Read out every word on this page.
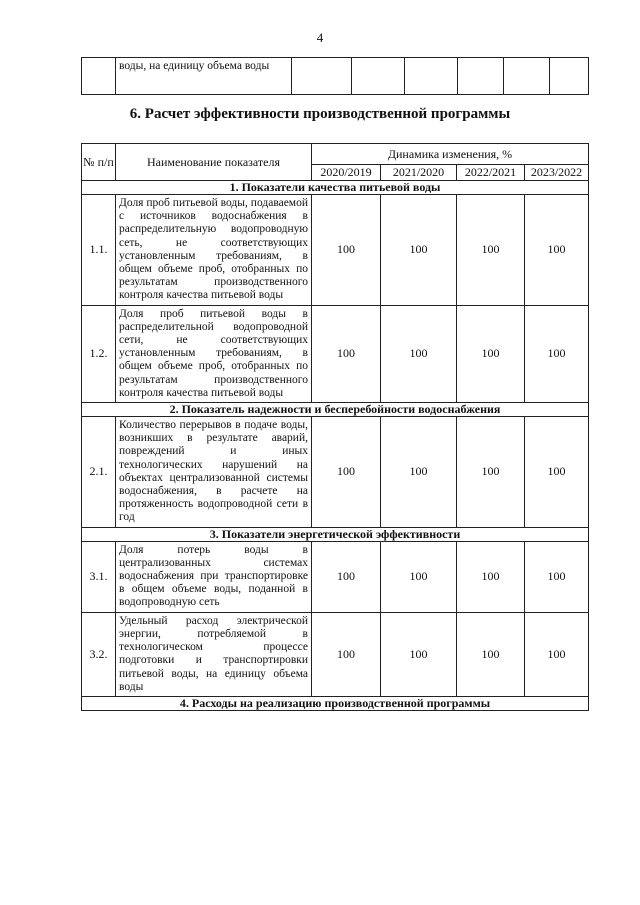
4
	воды, на единицу объема воды						
6. Расчет эффективности производственной программы
№ п/п	Наименование показателя	Динамика изменения, %			
		2020/2019	2021/2020	2022/2021	2023/2022
1. Показатели качества питьевой воды					
1.1.	Доля проб питьевой воды, подаваемой с источников водоснабжения в распределительную водопроводную сеть, не соответствующих установленным требованиям, в общем объеме проб, отобранных по результатам производственного контроля качества питьевой воды	100	100	100	100
1.2.	Доля проб питьевой воды в распределительной водопроводной сети, не соответствующих установленным требованиям, в общем объеме проб, отобранных по результатам производственного контроля качества питьевой воды	100	100	100	100
2. Показатель надежности и бесперебойности водоснабжения					
2.1.	Количество перерывов в подаче воды, возникших в результате аварий, повреждений и иных технологических нарушений на объектах централизованной системы водоснабжения, в расчете на протяженность водопроводной сети в год	100	100	100	100
3. Показатели энергетической эффективности					
3.1.	Доля потерь воды в централизованных системах водоснабжения при транспортировке в общем объеме воды, поданной в водопроводную сеть	100	100	100	100
3.2.	Удельный расход электрической энергии, потребляемой в технологическом процессе подготовки и транспортировки питьевой воды, на единицу объема воды	100	100	100	100
4. Расходы на реализацию производственной программы					
